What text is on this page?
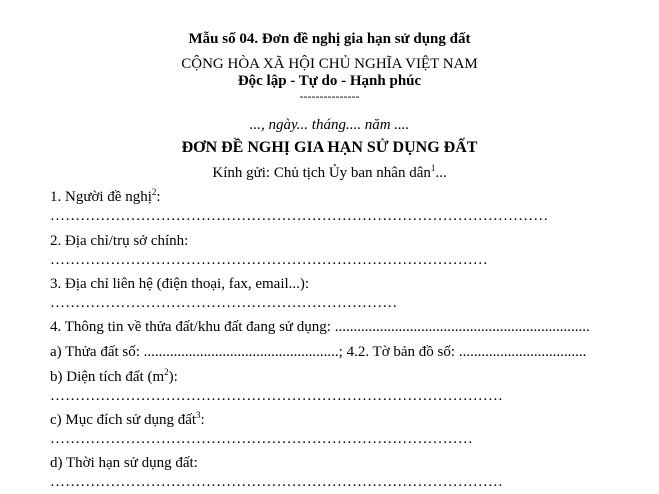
Mẫu số 04. Đơn đề nghị gia hạn sử dụng đất
CỘNG HÒA XÃ HỘI CHỦ NGHĨA VIỆT NAM
Độc lập - Tự do - Hạnh phúc
---------------
..., ngày... tháng.... năm ....
ĐƠN ĐỀ NGHỊ GIA HẠN SỬ DỤNG ĐẤT
Kính gửi: Chủ tịch Ủy ban nhân dân$^1$...
1. Người đề nghị$^2$:
………………………………………………………………………………………
2. Địa chỉ/trụ sở chính:
……………………………………………………………………………
3. Địa chỉ liên hệ (điện thoại, fax, email...):
……………………………………………………………
4. Thông tin về thửa đất/khu đất đang sử dụng: ....................................................................
a) Thửa đất số: ....................................................; 4.2. Tờ bản đồ số: ..................................
b) Diện tích đất $(m^2)$:
………………………………………………………………………………
c) Mục đích sử dụng đất$^3$:
…………………………………………………………………………
d) Thời hạn sử dụng đất:
………………………………………………………………………………
